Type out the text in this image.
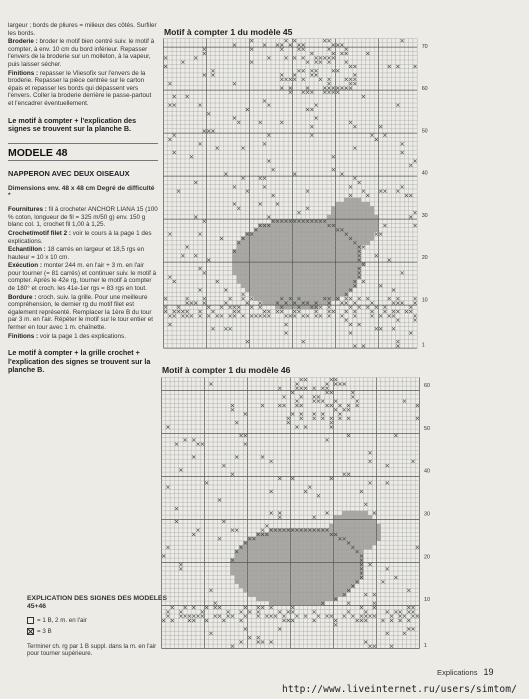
largeur ; bords de pliures = milieux des côtés. Surfiler les bords.

Broderie : broder le motif bien centré suiv. le motif à compter, à env. 10 cm du bord inférieur. Repasser l'envers de la broderie sur un molleton, à la vapeur, puis laisser sécher.

Finitions : repasser le Vliesofix sur l'envers de la broderie. Repasser la pièce centrée sur le carton épais et repasser les bords qui dépassent vers l'envers. Coller la broderie derrière le passe-partout et l'encadrer éventuellement.

Le motif à compter + l'explication des signes se trouvent sur la planche B.

MODELE 48

NAPPERON AVEC DEUX OISEAUX

Dimensions env. 48 x 48 cm Degré de difficulté *

Fournitures : fil à crocheter ANCHOR LIANA 15 (100 % coton, longueur de fil = 325 m/50 g) env. 150 g blanc col. 1, crochet fil 1,00 à 1,25.

Crochet/motif filet 2 : voir le cours à la page 1 des explications.

Echantillon : 18 carrés en largeur et 18,5 rgs en hauteur = 10 x 10 cm.

Exécution : monter 244 m. en l'air + 3 m. en l'air pour tourner (= 81 carrés) et continuer suiv. le motif à compter. Après le 42e rg, tourner le motif à compter de 180° et croch. les 41e-1er rgs = 83 rgs en tout.

Bordure : croch. suiv. la grille. Pour une meilleure compréhension, le dernier rg du motif filet est également représenté. Remplacer la 1ère B du tour par 3 m. en l'air. Répéter le motif sur le tour entier et fermer en tour avec 1 m. chaînette.

Finitions : voir la page 1 des explications.

Le motif à compter + la grille crochet + l'explication des signes se trouvent sur la planche B.

EXPLICATION DES SIGNES DES MODELES 45+46

= 1 B, 2 m. en l'air
= 3 B

Terminer ch. rg par 1 B suppl. dans la m. en l'air pour tourner supérieure.

Motif à compter 1 du modèle 45
70
60
50
40
30
20
10
1
Motif à compter 1 du modèle 46
60
50
40
30
20
10
1
Explications 19
http://www.liveinternet.ru/users/simtom/
